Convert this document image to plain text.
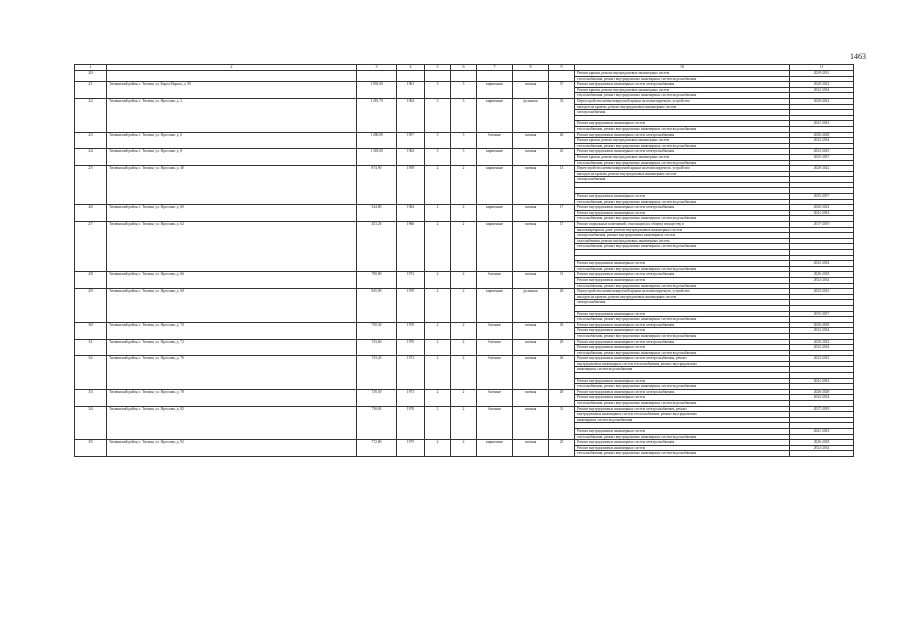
1463
1	2	3	4	5	6	7	8	9	10	11
20									Ремонт крыши, ремонт внутридомовых инженерных систем	2029-2031
									теплоснабжения, ремонт внутридомовых инженерных систем водоснабжения	
21	Тихвинский район, г. Тихвин, ул. Карла Маркса, д. 90	1 903,00	1961	3	3	кирпичные	скатная	37	Ремонт внутридомовых инженерных систем электроснабжения	2020-2022
									Ремонт крыши, ремонт внутридомовых инженерных систем	2032-2034
									теплоснабжения, ремонт внутридомовых инженерных систем водоснабжения	
22	Тихвинский район, г. Тихвин, ул. Ярослава, д. 2	1 281,70	1962	3	3	кирпичные	рулонная	33	Переустройство невентилируемой крыши на вентилируемую, устройство	2020-2022
									выходов на кровлю, ремонт внутридомовых инженерных систем	
									электроснабжения	

									Ремонт внутридомовых инженерных систем	2041-2043
									теплоснабжения, ремонт внутридомовых инженерных систем водоснабжения	
23	Тихвинский район, г. Тихвин, ул. Ярослава, д. 6	1 280,00	1957	3	3	блочные	скатная	40	Ремонт внутридомовых инженерных систем электроснабжения	2026-2028
									Ремонт крыши, ремонт внутридомовых инженерных систем	2032-2034
									теплоснабжения, ремонт внутридомовых инженерных систем водоснабжения	
24	Тихвинский район, г. Тихвин, ул. Ярослава, д. 8	1 383,00	1962	3	3	кирпичные	скатная	43	Ремонт внутридомовых инженерных систем электроснабжения	2023-2025
									Ремонт крыши, ремонт внутридомовых инженерных систем	2035-2037
									теплоснабжения, ремонт внутридомовых инженерных систем водоснабжения	
25	Тихвинский район, г. Тихвин, ул. Ярослава, д. 40	874,90	1959	2	2	кирпичные	скатная	13	Переустройство невентилируемой крыши на вентилируемую, устройство	2020-2022
									выходов на кровлю, ремонт внутридомовых инженерных систем	
									электроснабжения	

									Ремонт внутридомовых инженерных систем	2035-2037
									теплоснабжения, ремонт внутридомовых инженерных систем водоснабжения	
26	Тихвинский район, г. Тихвин, ул. Ярослава, д. 60	544,80	1964	2	2	кирпичные	скатная	17	Ремонт внутридомовых инженерных систем электроснабжения	2020-2022
									Ремонт внутридомовых инженерных систем	2041-2043
									теплоснабжения, ремонт внутридомовых инженерных систем водоснабжения	
27	Тихвинский район, г. Тихвин, ул. Ярослава, д. 62	453,20	1966	2	2	кирпичные	скатная	17	Ремонт подвальных помещений, относящихся к общему имуществу в	2017-2019
									многоквартирном доме, ремонт внутридомовых инженерных систем	
									электроснабжения, ремонт внутридомовых инженерных систем	
									газоснабжения, ремонт внутридомовых инженерных систем	
									теплоснабжения, ремонт внутридомовых инженерных систем водоснабжения	

									Ремонт внутридомовых инженерных систем	2032-2034
									теплоснабжения, ремонт внутридомовых инженерных систем водоснабжения	
28	Тихвинский район, г. Тихвин, ул. Ярослава, д. 66	790,80	1973	2	2	блочные	скатная	31	Ремонт внутридомовых инженерных систем электроснабжения	2026-2028
									Ремонт внутридомовых инженерных систем	2032-2034
									теплоснабжения, ремонт внутридомовых инженерных систем водоснабжения	
29	Тихвинский район, г. Тихвин, ул. Ярослава, д. 68	845,90	1970	2	2	кирпичные	рулонная	26	Переустройство невентилируемой крыши на вентилируемую, устройство	2023-2025
									выходов на кровлю, ремонт внутридомовых инженерных систем	
									электроснабжения	

									Ремонт внутридомовых инженерных систем	2035-2037
									теплоснабжения, ремонт внутридомовых инженерных систем водоснабжения	
30	Тихвинский район, г. Тихвин, ул. Ярослава, д. 70	750,30	1970	2	2	блочные	скатная	30	Ремонт внутридомовых инженерных систем электроснабжения	2026-2028
									Ремонт внутридомовых инженерных систем	2032-2034
									теплоснабжения, ремонт внутридомовых инженерных систем водоснабжения	
31	Тихвинский район, г. Тихвин, ул. Ярослава, д. 72	743,60	1970	2	2	блочные	скатная	29	Ремонт внутридомовых инженерных систем электроснабжения	2020-2022
									Ремонт внутридомовых инженерных систем	2032-2034
									теплоснабжения, ремонт внутридомовых инженерных систем водоснабжения	
32	Тихвинский район, г. Тихвин, ул. Ярослава, д. 76	743,20	1972	2	2	блочные	скатная	26	Ремонт внутридомовых инженерных систем электроснабжения, ремонт	2023-2025
									внутридомовых инженерных систем теплоснабжения, ремонт внутридомовых	
									инженерных систем водоснабжения	

									Ремонт внутридомовых инженерных систем	2041-2043
									теплоснабжения, ремонт внутридомовых инженерных систем водоснабжения	
33	Тихвинский район, г. Тихвин, ул. Ярослава, д. 78	739,50	1973	2	2	блочные	скатная	29	Ремонт внутридомовых инженерных систем электроснабжения	2026-2028
									Ремонт внутридомовых инженерных систем	2032-2034
									теплоснабжения, ремонт внутридомовых инженерных систем водоснабжения	
34	Тихвинский район, г. Тихвин, ул. Ярослава, д. 82	738,00	1970	2	2	блочные	скатная	31	Ремонт внутридомовых инженерных систем электроснабжения, ремонт	2017-2019
									внутридомовых инженерных систем теплоснабжения, ремонт внутридомовых	
									инженерных систем водоснабжения	

									Ремонт внутридомовых инженерных систем	2041-2043
									теплоснабжения, ремонт внутридомовых инженерных систем водоснабжения	
35	Тихвинский район, г. Тихвин, ул. Ярослава, д. 92	772,80	1975	2	2	кирпичные	скатная	25	Ремонт внутридомовых инженерных систем электроснабжения	2026-2028
									Ремонт внутридомовых инженерных систем	2032-2034
									теплоснабжения, ремонт внутридомовых инженерных систем водоснабжения	
